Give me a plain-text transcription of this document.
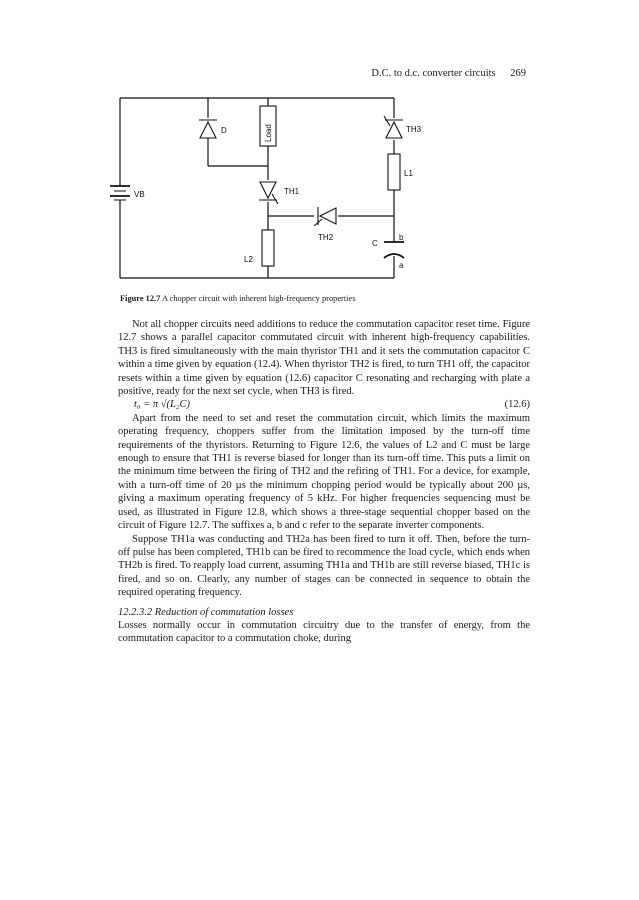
D.C. to d.c. converter circuits 269
VB
D	Load
TH1
TH2
L2
TH3
L1
C
b
a
Figure 12.7 A chopper circuit with inherent high-frequency properties

Not all chopper circuits need additions to reduce the commutation capacitor reset time. Figure 12.7 shows a parallel capacitor commutated circuit with inherent high-frequency capabilities. TH3 is fired simultaneously with the main thyristor TH1 and it sets the commutation capacitor C within a time given by equation (12.4). When thyristor TH2 is fired, to turn TH1 off, the capacitor resets within a time given by equation (12.6) capacitor C resonating and recharging with plate a positive, ready for the next set cycle, when TH3 is fired.

t₀ = π √(L₂C)	(12.6)

Apart from the need to set and reset the commutation circuit, which limits the maximum operating frequency, choppers suffer from the limitation imposed by the turn-off time requirements of the thyristors. Returning to Figure 12.6, the values of L2 and C must be large enough to ensure that TH1 is reverse biased for longer than its turn-off time. This puts a limit on the minimum time between the firing of TH2 and the refiring of TH1. For a device, for example, with a turn-off time of 20 µs the minimum chopping period would be typically about 200 µs, giving a maximum operating frequency of 5 kHz. For higher frequencies sequencing must be used, as illustrated in Figure 12.8, which shows a three-stage sequential chopper based on the circuit of Figure 12.7. The suffixes a, b and c refer to the separate inverter components.

Suppose TH1a was conducting and TH2a has been fired to turn it off. Then, before the turn-off pulse has been completed, TH1b can be fired to recommence the load cycle, which ends when TH2b is fired. To reapply load current, assuming TH1a and TH1b are still reverse biased, TH1c is fired, and so on. Clearly, any number of stages can be connected in sequence to obtain the required operating frequency.

12.2.3.2 Reduction of commutation losses

Losses normally occur in commutation circuitry due to the transfer of energy, from the commutation capacitor to a commutation choke, during
